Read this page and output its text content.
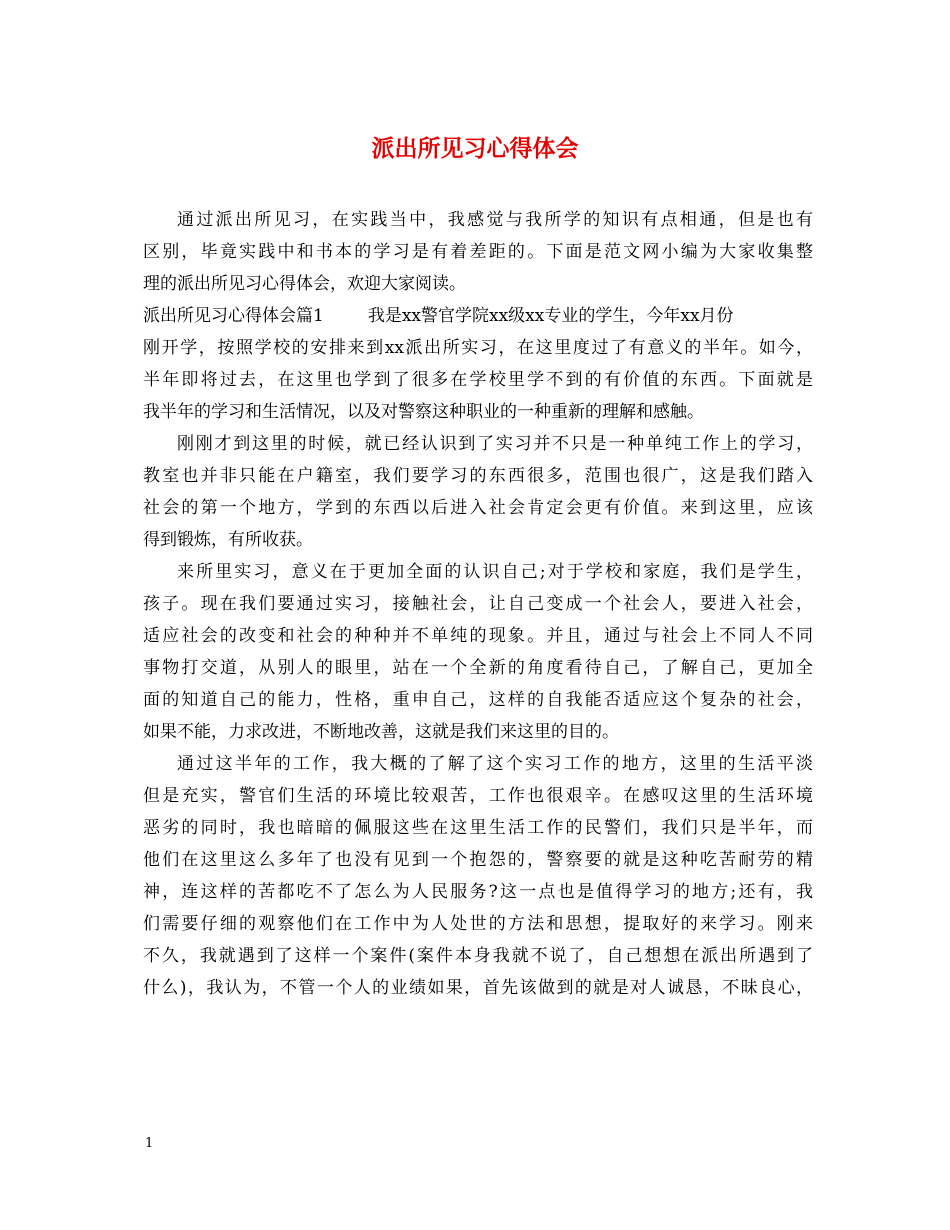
派出所见习心得体会
通过派出所见习，在实践当中，我感觉与我所学的知识有点相通，但是也有
区别，毕竟实践中和书本的学习是有着差距的。下面是范文网小编为大家收集整
理的派出所见习心得体会，欢迎大家阅读。
派出所见习心得体会篇1	我是xx警官学院xx级xx专业的学生，今年xx月份
刚开学，按照学校的安排来到xx派出所实习，在这里度过了有意义的半年。如今，
半年即将过去，在这里也学到了很多在学校里学不到的有价值的东西。下面就是
我半年的学习和生活情况，以及对警察这种职业的一种重新的理解和感触。
刚刚才到这里的时候，就已经认识到了实习并不只是一种单纯工作上的学习，
教室也并非只能在户籍室，我们要学习的东西很多，范围也很广，这是我们踏入
社会的第一个地方，学到的东西以后进入社会肯定会更有价值。来到这里，应该
得到锻炼，有所收获。
来所里实习，意义在于更加全面的认识自己;对于学校和家庭，我们是学生，
孩子。现在我们要通过实习，接触社会，让自己变成一个社会人，要进入社会，
适应社会的改变和社会的种种并不单纯的现象。并且，通过与社会上不同人不同
事物打交道，从别人的眼里，站在一个全新的角度看待自己，了解自己，更加全
面的知道自己的能力，性格，重申自己，这样的自我能否适应这个复杂的社会，
如果不能，力求改进，不断地改善，这就是我们来这里的目的。
通过这半年的工作，我大概的了解了这个实习工作的地方，这里的生活平淡
但是充实，警官们生活的环境比较艰苦，工作也很艰辛。在感叹这里的生活环境
恶劣的同时，我也暗暗的佩服这些在这里生活工作的民警们，我们只是半年，而
他们在这里这么多年了也没有见到一个抱怨的，警察要的就是这种吃苦耐劳的精
神，连这样的苦都吃不了怎么为人民服务?这一点也是值得学习的地方;还有，我
们需要仔细的观察他们在工作中为人处世的方法和思想，提取好的来学习。刚来
不久，我就遇到了这样一个案件(案件本身我就不说了，自己想想在派出所遇到了
什么)，我认为，不管一个人的业绩如果，首先该做到的就是对人诚恳，不昧良心，
1
